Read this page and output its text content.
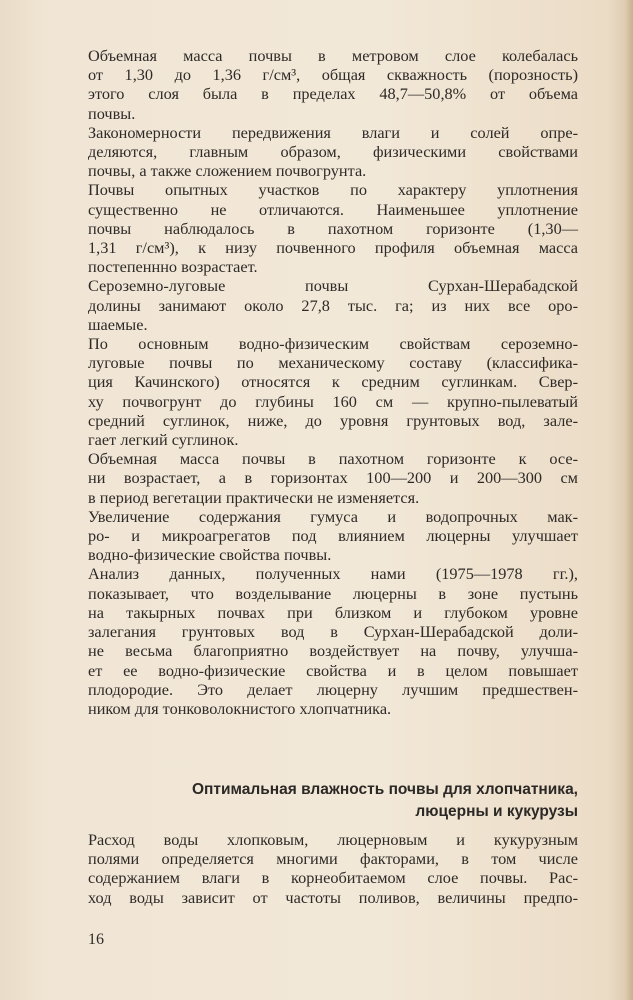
Объемная масса почвы в метровом слое колебалась
от 1,30 до 1,36 г/см³, общая скважность (порозность)
этого слоя была в пределах 48,7—50,8% от объема
почвы.

Закономерности передвижения влаги и солей опре-
деляются, главным образом, физическими свойствами
почвы, а также сложением почвогрунта.

Почвы опытных участков по характеру уплотнения
существенно не отличаются. Наименьшее уплотнение
почвы наблюдалось в пахотном горизонте (1,30—
1,31 г/см³), к низу почвенного профиля объемная масса
постепеннно возрастает.

Сероземно-луговые почвы Сурхан-Шерабадской
долины занимают около 27,8 тыс. га; из них все оро-
шаемые.

По основным водно-физическим свойствам сероземно-
луговые почвы по механическому составу (классифика-
ция Качинского) относятся к средним суглинкам. Свер-
ху почвогрунт до глубины 160 см — крупно-пылеватый
средний суглинок, ниже, до уровня грунтовых вод, зале-
гает легкий суглинок.

Объемная масса почвы в пахотном горизонте к осе-
ни возрастает, а в горизонтах 100—200 и 200—300 см
в период вегетации практически не изменяется.

Увеличение содержания гумуса и водопрочных мак-
ро- и микроагрегатов под влиянием люцерны улучшает
водно-физические свойства почвы.

Анализ данных, полученных нами (1975—1978 гг.),
показывает, что возделывание люцерны в зоне пустынь
на такырных почвах при близком и глубоком уровне
залегания грунтовых вод в Сурхан-Шерабадской доли-
не весьма благоприятно воздействует на почву, улучша-
ет ее водно-физические свойства и в целом повышает
плодородие. Это делает люцерну лучшим предшествен-
ником для тонковолокнистого хлопчатника.

Оптимальная влажность почвы для хлопчатника,
люцерны и кукурузы
Расход воды хлопковым, люцерновым и кукурузным
полями определяется многими факторами, в том числе
содержанием влаги в корнеобитаемом слое почвы. Рас-
ход воды зависит от частоты поливов, величины предпо-
16
